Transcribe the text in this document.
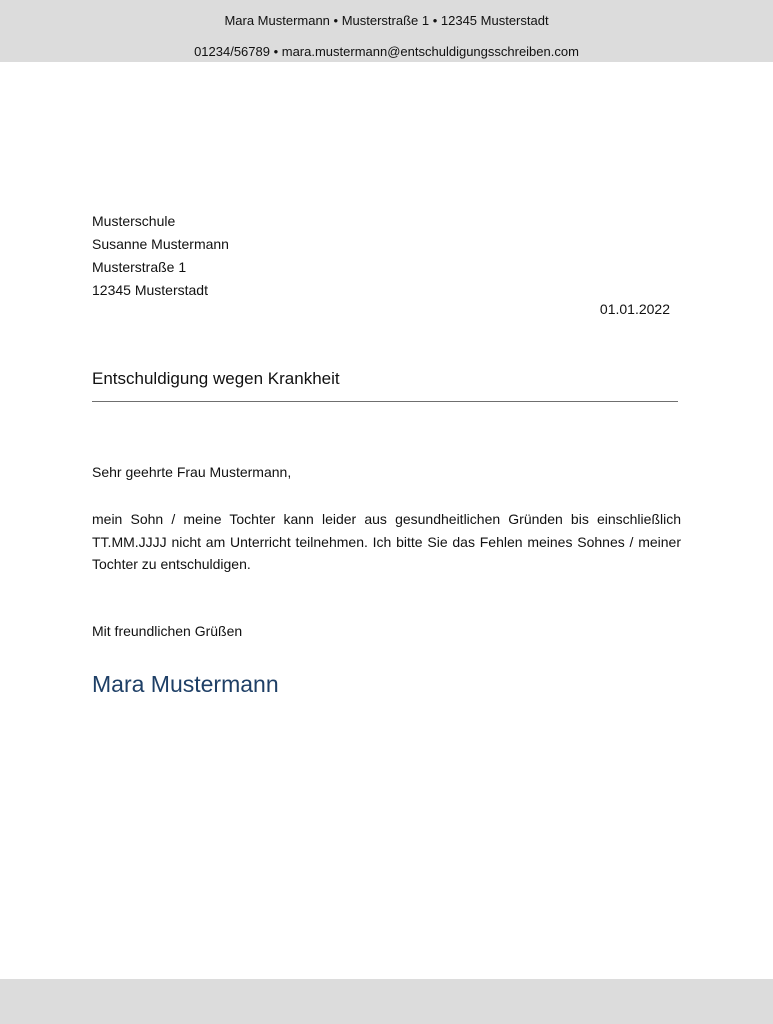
Mara Mustermann • Musterstraße 1 • 12345 Musterstadt
01234/56789 • mara.mustermann@entschuldigungsschreiben.com
Musterschule
Susanne Mustermann
Musterstraße 1
12345 Musterstadt
01.01.2022
Entschuldigung wegen Krankheit
Sehr geehrte Frau Mustermann,
mein Sohn / meine Tochter kann leider aus gesundheitlichen Gründen bis einschließlich TT.MM.JJJJ nicht am Unterricht teilnehmen. Ich bitte Sie das Fehlen meines Sohnes / meiner Tochter zu entschuldigen.
Mit freundlichen Grüßen
Mara Mustermann
